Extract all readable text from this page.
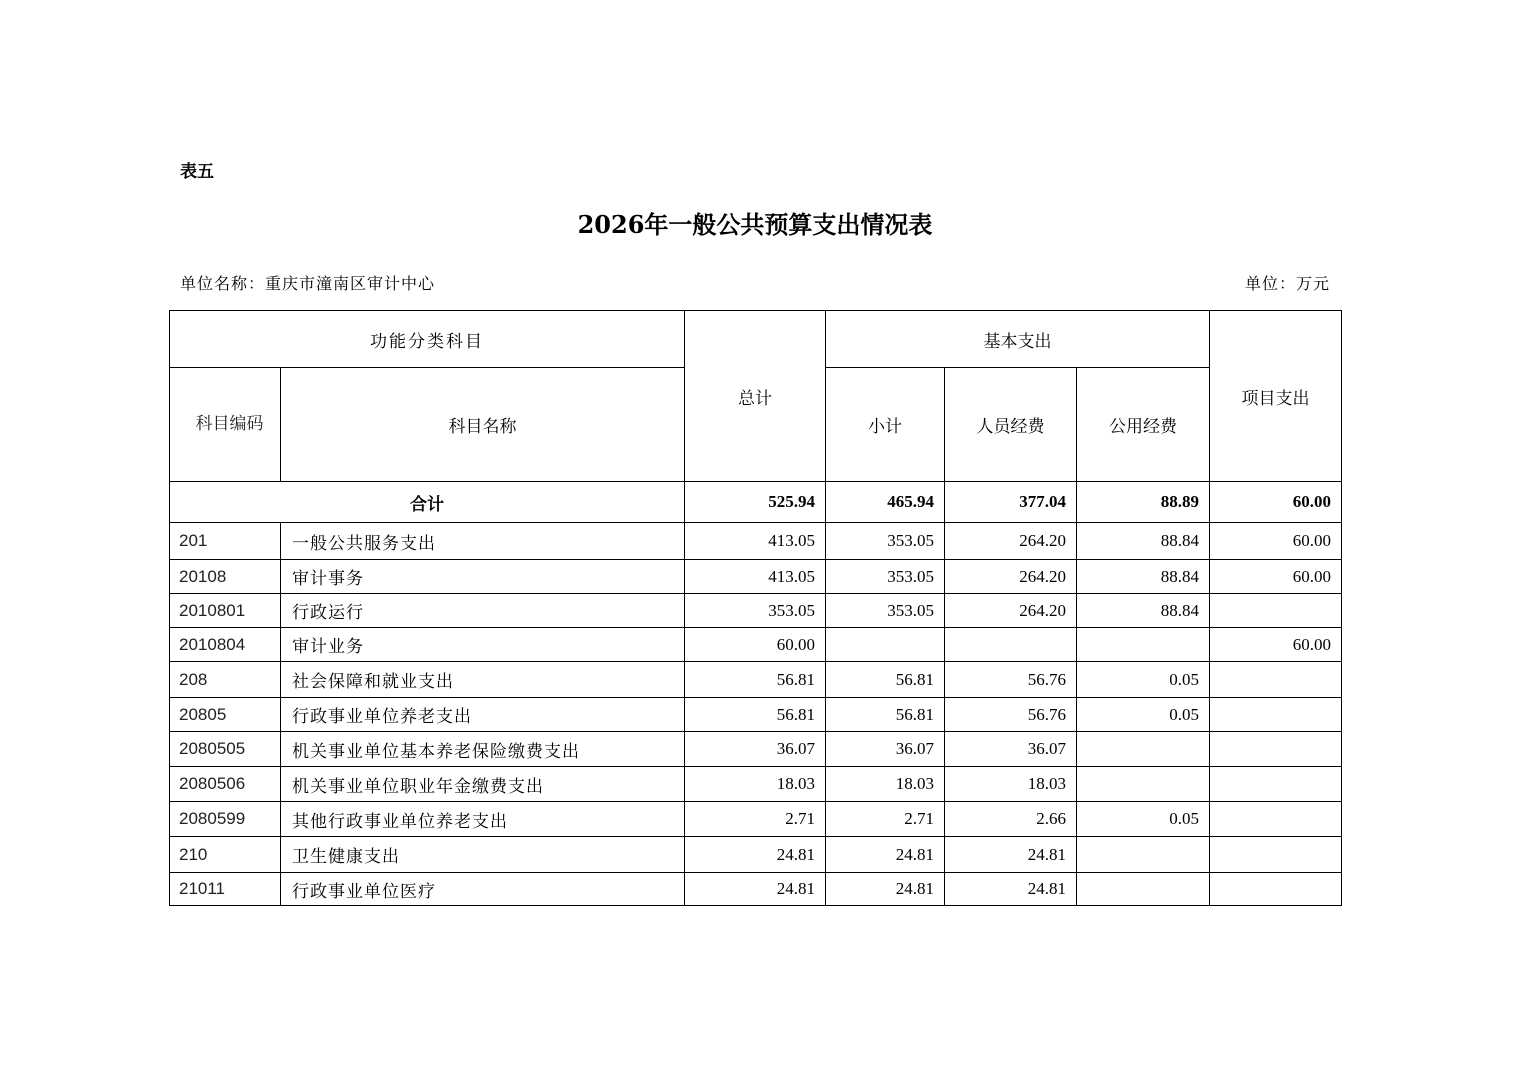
表五
2026年一般公共预算支出情况表
单位名称：重庆市潼南区审计中心	单位：万元
功能分类科目		总计	基本支出			项目支出

科目编码	科目名称		小计	人员经费	公用经费	
合计		525.94	465.94	377.04	88.89	60.00
201	一般公共服务支出	413.05	353.05	264.20	88.84	60.00
20108	审计事务	413.05	353.05	264.20	88.84	60.00
2010801	行政运行	353.05	353.05	264.20	88.84	
2010804	审计业务	60.00				60.00
208	社会保障和就业支出	56.81	56.81	56.76	0.05	
20805	行政事业单位养老支出	56.81	56.81	56.76	0.05	
2080505	机关事业单位基本养老保险缴费支出	36.07	36.07	36.07		
2080506	机关事业单位职业年金缴费支出	18.03	18.03	18.03		
2080599	其他行政事业单位养老支出	2.71	2.71	2.66	0.05	
210	卫生健康支出	24.81	24.81	24.81		
21011	行政事业单位医疗	24.81	24.81	24.81		
